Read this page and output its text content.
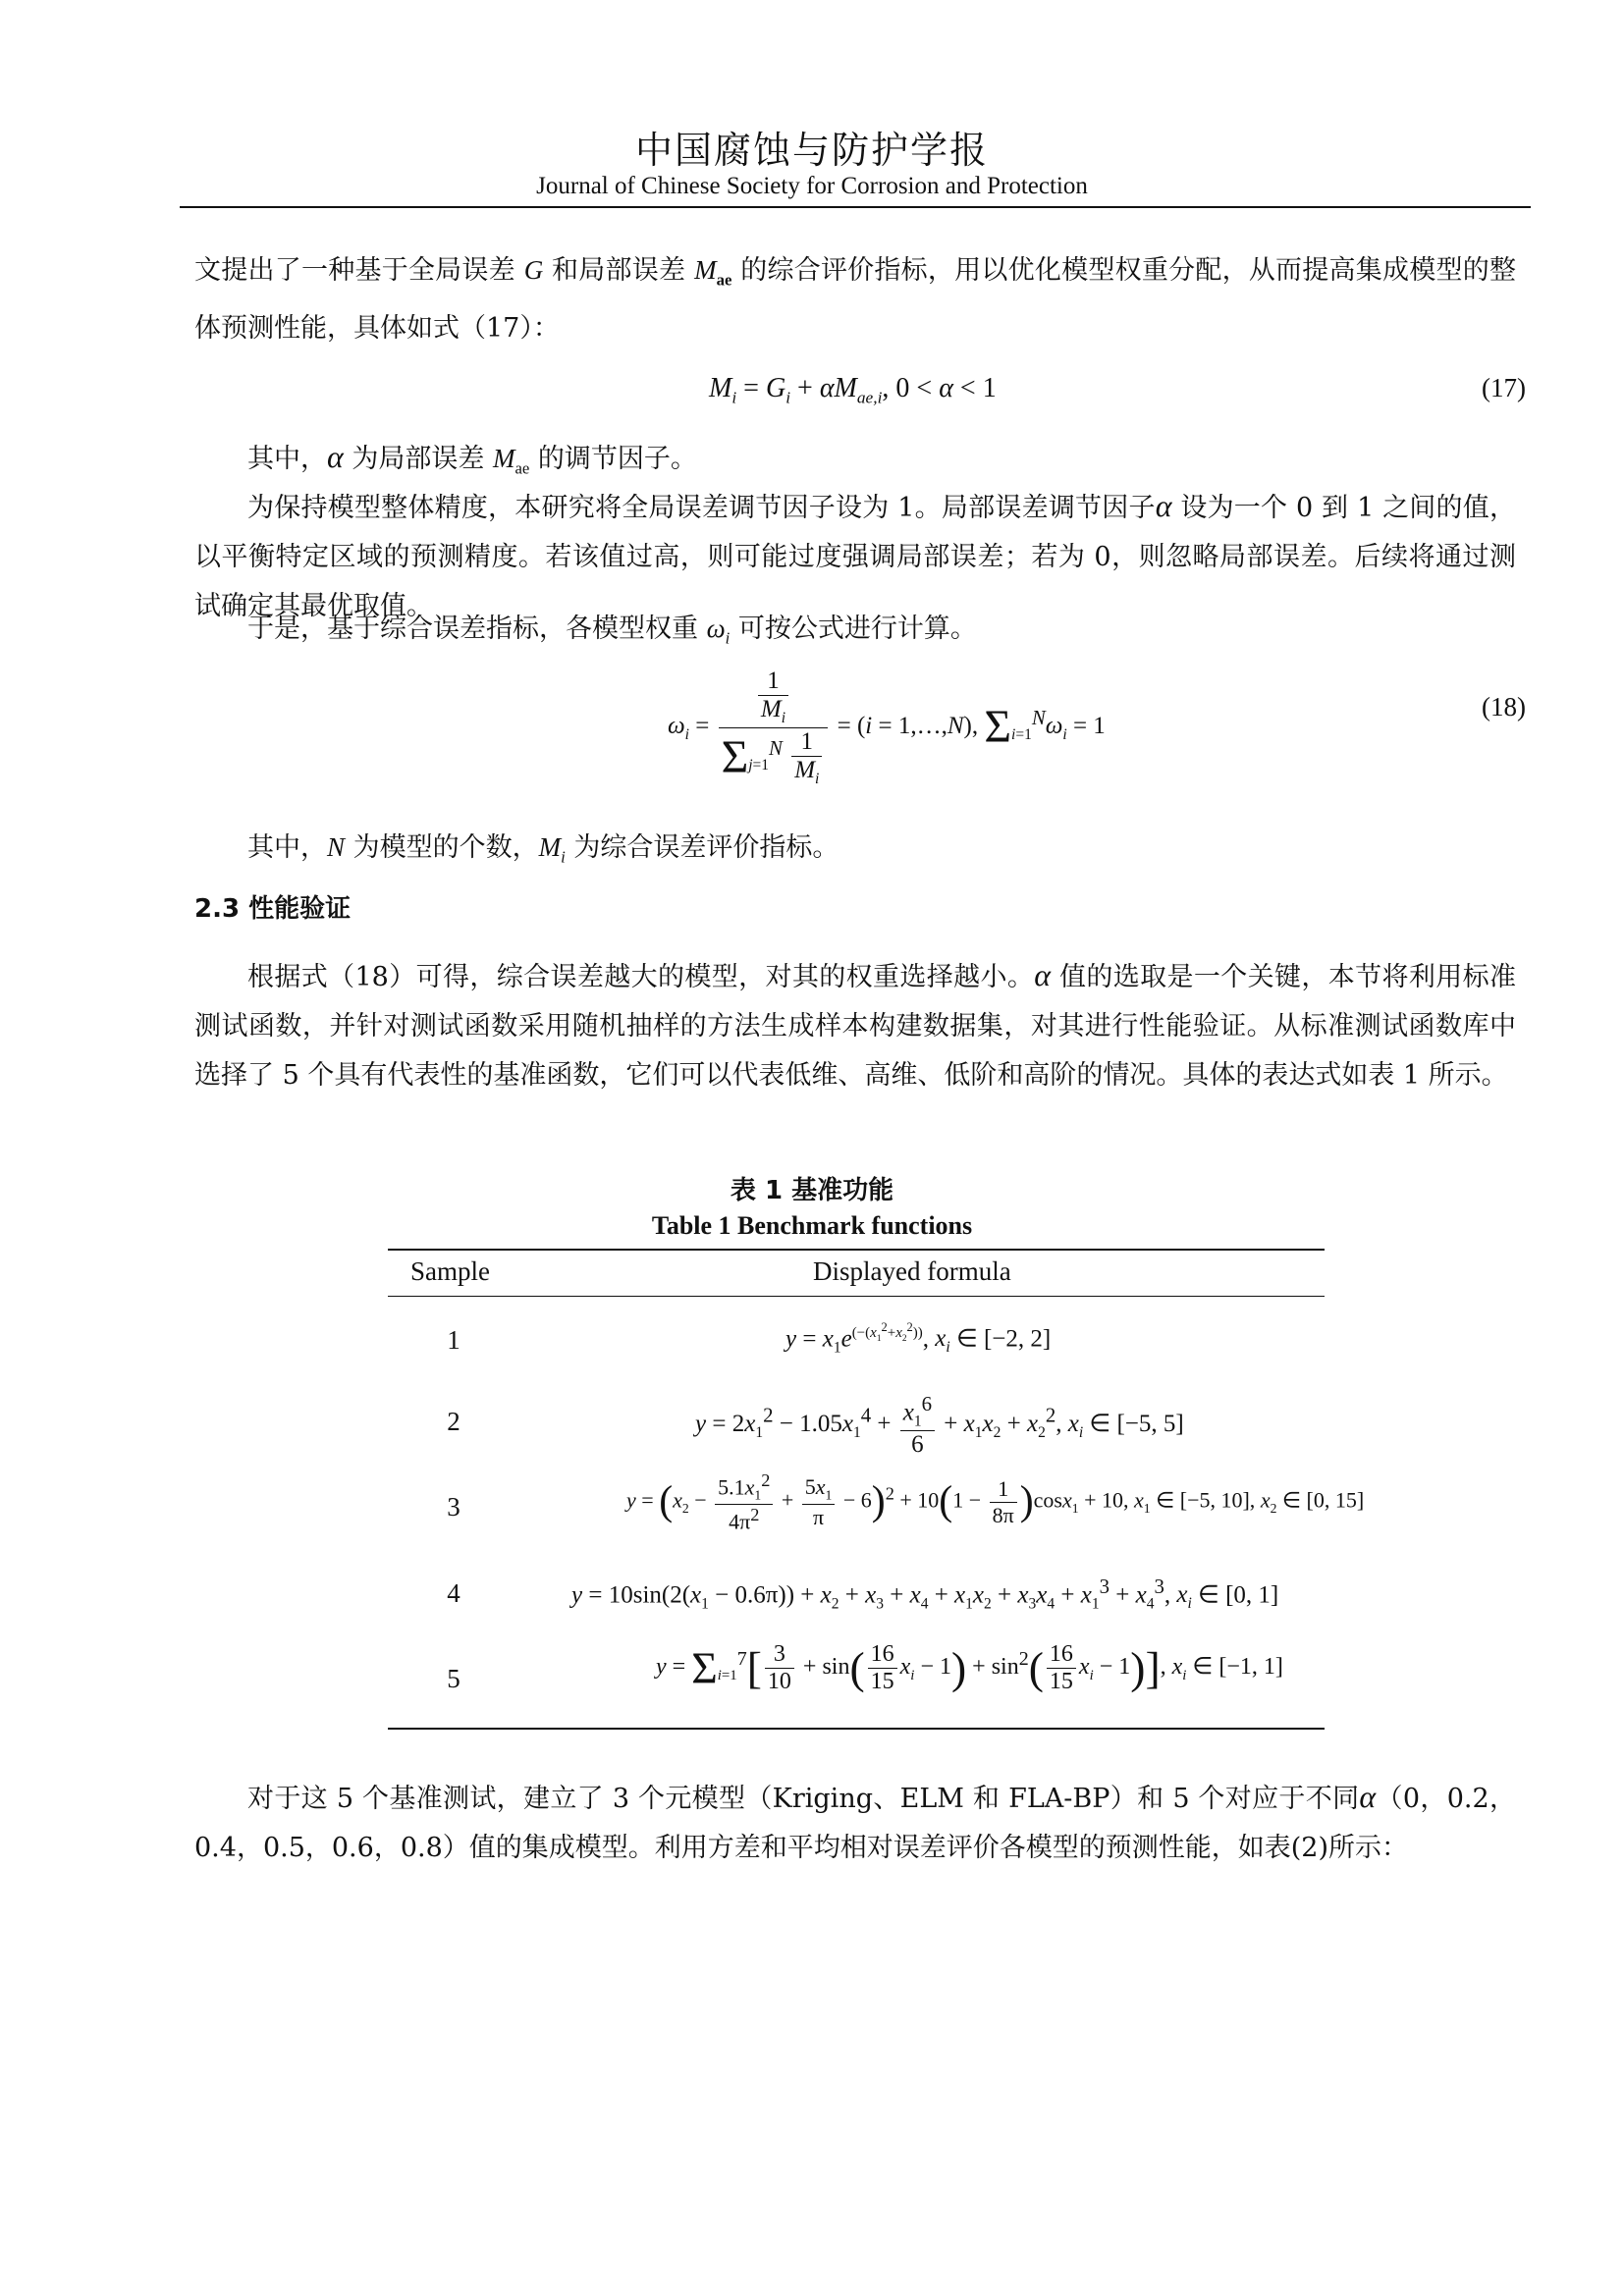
中国腐蚀与防护学报
Journal of Chinese Society for Corrosion and Protection
文提出了一种基于全局误差 G 和局部误差 $M_{ae}$ 的综合评价指标，用以优化模型权重分配，从而提高集成模型的整体预测性能，具体如式（17）：
$M_i = G_i + \alpha M_{ae,i}$, 0 < α < 1	(17)
其中，α 为局部误差 $M_{ae}$ 的调节因子。
为保持模型整体精度，本研究将全局误差调节因子设为 1。局部误差调节因子α 设为一个 0 到 1 之间的值，以平衡特定区域的预测精度。若该值过高，则可能过度强调局部误差；若为 0，则忽略局部误差。后续将通过测试确定其最优取值。
于是，基于综合误差指标，各模型权重 $\omega_i$ 可按公式进行计算。
$\omega_i = \frac{\frac{1}{M_i}}{\Sigma_{j=1}^N \frac{1}{M_i}} = (i$ = 1,…,N), $\Sigma_{i=1}^N\omega_i = 1$
(18)
其中，N 为模型的个数，$M_i$ 为综合误差评价指标。
2.3 性能验证
根据式（18）可得，综合误差越大的模型，对其的权重选择越小。α 值的选取是一个关键，本节将利用标准测试函数，并针对测试函数采用随机抽样的方法生成样本构建数据集，对其进行性能验证。从标准测试函数库中选择了 5 个具有代表性的基准函数，它们可以代表低维、高维、低阶和高阶的情况。具体的表达式如表 1 所示。
表 1 基准功能
Table 1 Benchmark functions
Sample	Displayed formula
1	$y = x_1e^{(-(x_1^2+x_2^2))}$, $x_i$ ∈ [−2, 2]
2	$y = 2x_1^2 - 1.05x_1^4 + \frac{x_1^6}{6} + x_1x_2 + x_2^2$, $x_i$ ∈ [−5, 5]
3	$y = (x_2 - \frac{5.1x_1^2}{4\pi^2} + \frac{5x_1}{\pi} - 6)^2 + 10(1 - \frac{1}{8\pi} )\cos x_1 + 10$, $x_1$ ∈ [−5, 10], $x_2$ ∈ [0, 15]
4	$y = 10\sin(2(x_1 - 0.6\pi)) + x_2 + x_3 + x_4 + x_1x_2 + x_3x_4 + x_1^3 + x_4^3$, $x_i$ ∈ [0, 1]
5	$y = \Sigma_{i=1}^7[ \frac{3}{10} + \sin( \frac{16}{15} x_i - 1) + \sin^2( \frac{16}{15} x_i - 1)]$, $x_i$ ∈ [−1, 1]
对于这 5 个基准测试，建立了 3 个元模型（Kriging、ELM 和 FLA-BP）和 5 个对应于不同α（0，0.2，0.4，0.5，0.6，0.8）值的集成模型。利用方差和平均相对误差评价各模型的预测性能，如表(2)所示：
